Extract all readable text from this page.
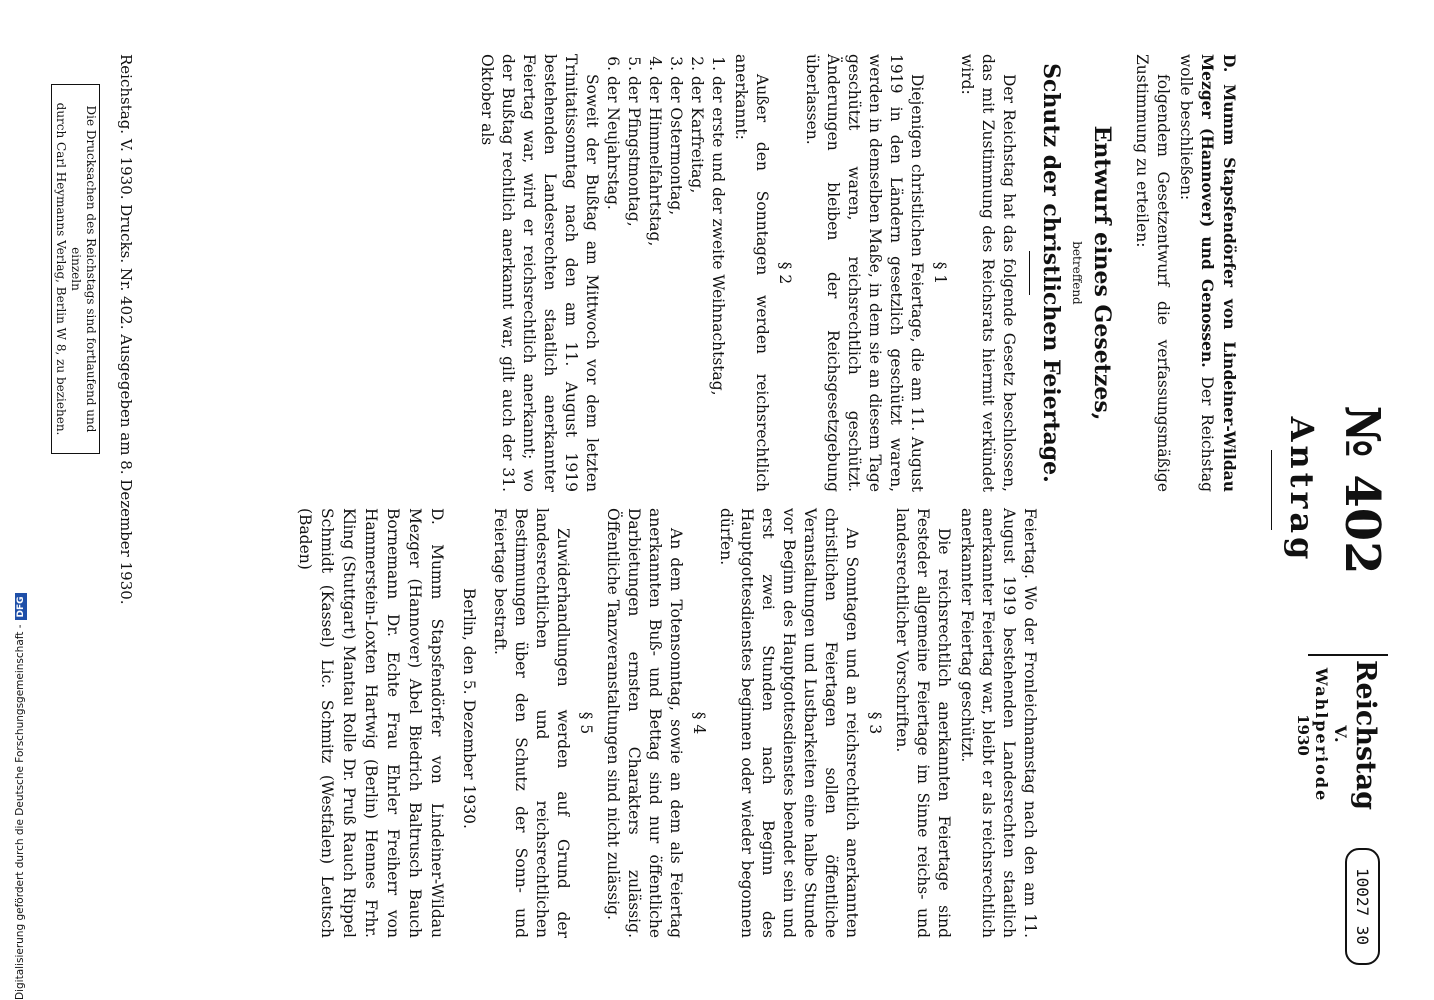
Reichstag
V. Wahlperiode
1930
10027 30
№ 402
Antrag

D. Mumm Stapsfendörfer von Lindeiner-Wildau Mezger (Hannover) und Genossen. Der Reichstag wolle beschließen:

folgendem Gesetzentwurf die verfassungsmäßige Zustimmung zu erteilen:

Entwurf eines Gesetzes,
betreffend
Schutz der christlichen Feiertage.

Der Reichstag hat das folgende Gesetz beschlossen, das mit Zustimmung des Reichsrats hiermit verkündet wird:

§ 1

Diejenigen christlichen Feiertage, die am 11. August 1919 in den Ländern gesetzlich geschützt waren, werden in demselben Maße, in dem sie an diesem Tage geschützt waren, reichsrechtlich geschützt. Änderungen bleiben der Reichsgesetzgebung überlassen.

§ 2

Außer den Sonntagen werden reichsrechtlich anerkannt:

1. der erste und der zweite Weihnachtstag,
2. der Karfreitag,
3. der Ostermontag,
4. der Himmelfahrtstag,
5. der Pfingstmontag,
6. der Neujahrstag.

Soweit der Bußtag am Mittwoch vor dem letzten Trinitatissonntag nach den am 11. August 1919 bestehenden Landesrechten staatlich anerkannter Feiertag war, wird er reichsrechtlich anerkannt; wo der Bußtag rechtlich anerkannt war, gilt auch der 31. Oktober als

Feiertag. Wo der Fronleichnamstag nach den am 11. August 1919 bestehenden Landesrechten staatlich anerkannter Feiertag war, bleibt er als reichsrechtlich anerkannter Feiertag geschützt.

Die reichsrechtlich anerkannten Feiertage sind Festeder allgemeine Feiertage im Sinne reichs- und landesrechtlicher Vorschriften.

§ 3

An Sonntagen und an reichsrechtlich anerkannten christlichen Feiertagen sollen öffentliche Veranstaltungen und Lustbarkeiten eine halbe Stunde vor Beginn des Hauptgottesdienstes beendet sein und erst zwei Stunden nach Beginn des Hauptgottesdienstes beginnen oder wieder begonnen dürfen.

§ 4

An dem Totensonntag, sowie an dem als Feiertag anerkannten Buß- und Bettag sind nur öffentliche Darbietungen ernsten Charakters zulässig. Öffentliche Tanzveranstaltungen sind nicht zulässig.

§ 5

Zuwiderhandlungen werden auf Grund der landesrechtlichen und reichsrechtlichen Bestimmungen über den Schutz der Sonn- und Feiertage bestraft.

Berlin, den 5. Dezember 1930.

D. Mumm Stapsfendörfer von Lindeiner-Wildau Mezger (Hannover) Abel Biedrich Baltrusch Bauch Bornemann Dr. Echte Frau Ehrler Freiherr von Hammerstein-Loxten Hartwig (Berlin) Hennes Frhr. Kling (Stuttgart) Mantau Rolle Dr. Pruß Rauch Rippel Schmidt (Kassel) Lic. Schmitz (Westfalen) Leutsch (Baden)

Reichstag. V. 1930. Drucks. Nr. 402. Ausgegeben am 8. Dezember 1930.
Die Drucksachen des Reichstags sind fortlaufend und einzeln
durch Carl Heymanns Verlag, Berlin W 8, zu beziehen.
Digitalisierung gefördert durch die Deutsche Forschungsgemeinschaft -DFG
